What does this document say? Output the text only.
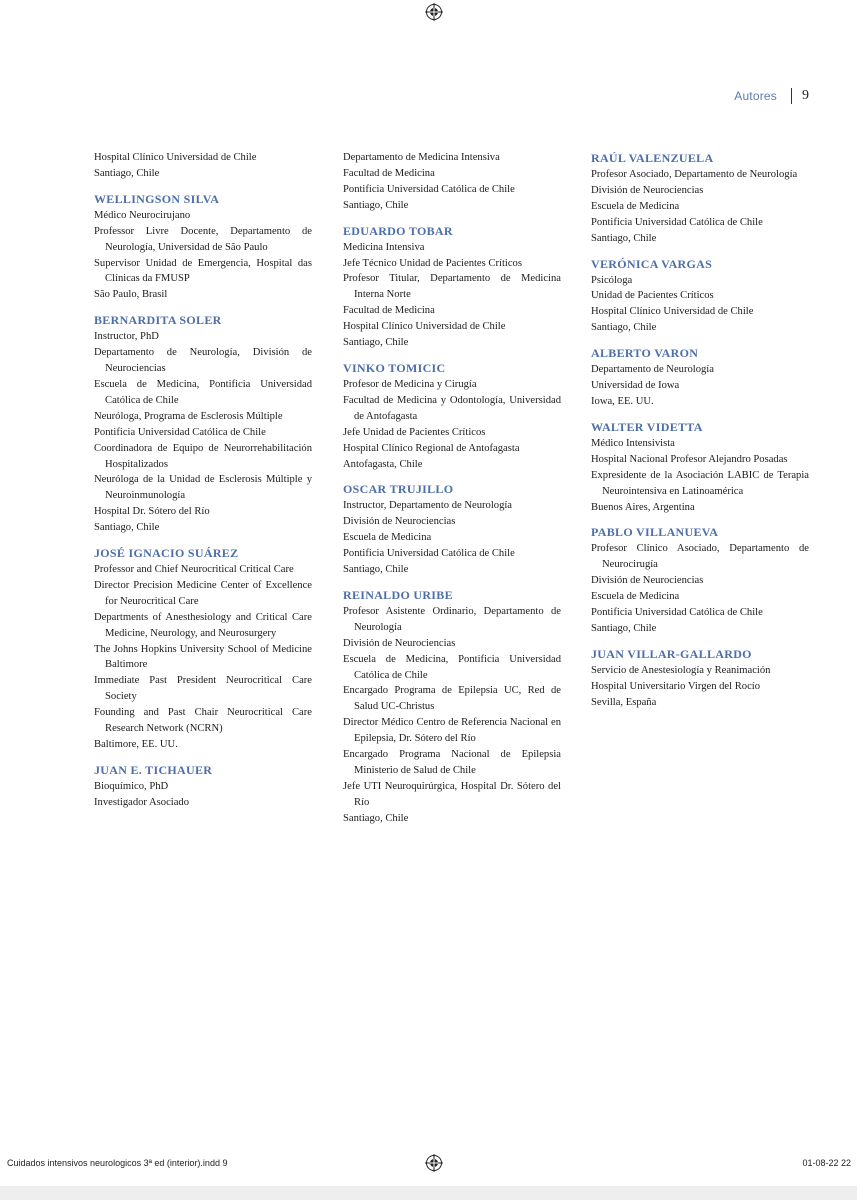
Autores 9
Hospital Clínico Universidad de Chile
Santiago, Chile
WELLINGSON SILVA
Médico Neurocirujano
Professor Livre Docente, Departamento de Neurología, Universidad de São Paulo
Supervisor Unidad de Emergencia, Hospital das Clínicas da FMUSP
São Paulo, Brasil
BERNARDITA SOLER
Instructor, PhD
Departamento de Neurología, División de Neurociencias
Escuela de Medicina, Pontificia Universidad Católica de Chile
Neuróloga, Programa de Esclerosis Múltiple
Pontificia Universidad Católica de Chile
Coordinadora de Equipo de Neurorrehabilitación Hospitalizados
Neuróloga de la Unidad de Esclerosis Múltiple y Neuroinmunología
Hospital Dr. Sótero del Río
Santiago, Chile
JOSÉ IGNACIO SUÁREZ
Professor and Chief Neurocritical Critical Care
Director Precision Medicine Center of Excellence for Neurocritical Care
Departments of Anesthesiology and Critical Care Medicine, Neurology, and Neurosurgery
The Johns Hopkins University School of Medicine Baltimore
Immediate Past President Neurocritical Care Society
Founding and Past Chair Neurocritical Care Research Network (NCRN)
Baltimore, EE. UU.
JUAN E. TICHAUER
Bioquímico, PhD
Investigador Asociado
Departamento de Medicina Intensiva
Facultad de Medicina
Pontificia Universidad Católica de Chile
Santiago, Chile
EDUARDO TOBAR
Medicina Intensiva
Jefe Técnico Unidad de Pacientes Críticos
Profesor Titular, Departamento de Medicina Interna Norte
Facultad de Medicina
Hospital Clínico Universidad de Chile
Santiago, Chile
VINKO TOMICIC
Profesor de Medicina y Cirugía
Facultad de Medicina y Odontología, Universidad de Antofagasta
Jefe Unidad de Pacientes Críticos
Hospital Clínico Regional de Antofagasta
Antofagasta, Chile
OSCAR TRUJILLO
Instructor, Departamento de Neurología
División de Neurociencias
Escuela de Medicina
Pontificia Universidad Católica de Chile
Santiago, Chile
REINALDO URIBE
Profesor Asistente Ordinario, Departamento de Neurología
División de Neurociencias
Escuela de Medicina, Pontificia Universidad Católica de Chile
Encargado Programa de Epilepsia UC, Red de Salud UC-Christus
Director Médico Centro de Referencia Nacional en Epilepsia, Dr. Sótero del Río
Encargado Programa Nacional de Epilepsia Ministerio de Salud de Chile
Jefe UTI Neuroquirúrgica, Hospital Dr. Sótero del Río
Santiago, Chile
RAÚL VALENZUELA
Profesor Asociado, Departamento de Neurología
División de Neurociencias
Escuela de Medicina
Pontificia Universidad Católica de Chile
Santiago, Chile
VERÓNICA VARGAS
Psicóloga
Unidad de Pacientes Críticos
Hospital Clínico Universidad de Chile
Santiago, Chile
ALBERTO VARON
Departamento de Neurología
Universidad de Iowa
Iowa, EE. UU.
WALTER VIDETTA
Médico Intensivista
Hospital Nacional Profesor Alejandro Posadas
Expresidente de la Asociación LABIC de Terapia Neurointensiva en Latinoamérica
Buenos Aires, Argentina
PABLO VILLANUEVA
Profesor Clínico Asociado, Departamento de Neurocirugía
División de Neurociencias
Escuela de Medicina
Pontificia Universidad Católica de Chile
Santiago, Chile
JUAN VILLAR-GALLARDO
Servicio de Anestesiología y Reanimación
Hospital Universitario Virgen del Rocío
Sevilla, España
Cuidados intensivos neurologicos 3ª ed (interior).indd 9	01-08-22 22
